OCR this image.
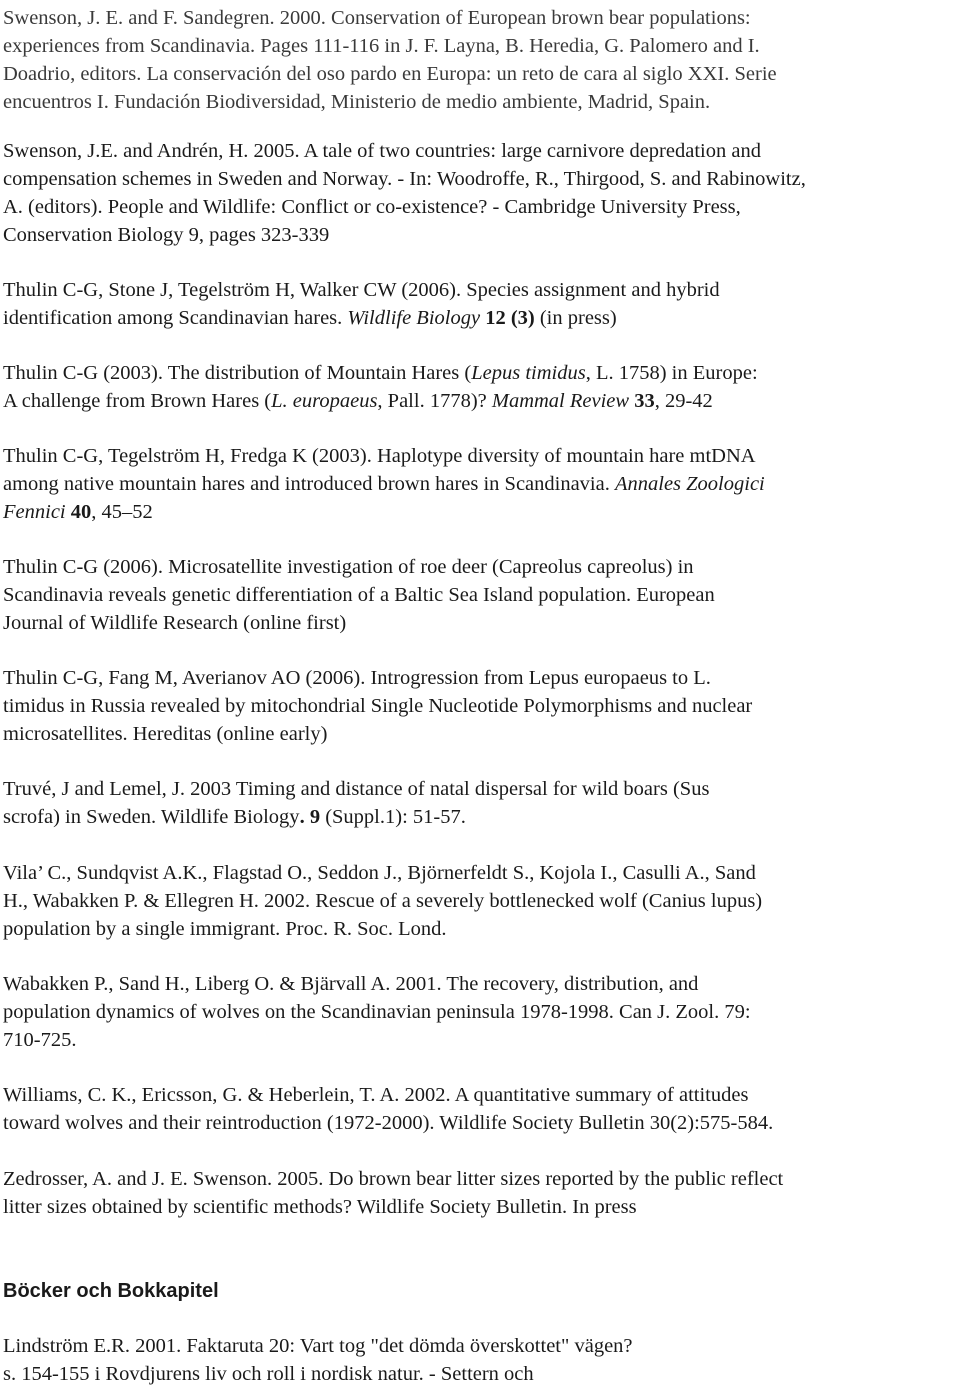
Swenson, J. E. and F. Sandegren. 2000. Conservation of European brown bear populations:
experiences from Scandinavia. Pages 111-116 in J. F. Layna, B. Heredia, G. Palomero and I.
Doadrio, editors. La conservación del oso pardo en Europa: un reto de cara al siglo XXI. Serie
encuentros I. Fundación Biodiversidad, Ministerio de medio ambiente, Madrid, Spain.
Swenson, J.E. and Andrén, H. 2005. A tale of two countries: large carnivore depredation and
compensation schemes in Sweden and Norway. - In: Woodroffe, R., Thirgood, S. and Rabinowitz,
A. (editors). People and Wildlife: Conflict or co-existence? - Cambridge University Press,
Conservation Biology 9, pages 323-339
Thulin C-G, Stone J, Tegelström H, Walker CW (2006). Species assignment and hybrid
identification among Scandinavian hares. Wildlife Biology 12 (3) (in press)
Thulin C-G (2003). The distribution of Mountain Hares (Lepus timidus, L. 1758) in Europe:
A challenge from Brown Hares (L. europaeus, Pall. 1778)? Mammal Review 33, 29-42
Thulin C-G, Tegelström H, Fredga K (2003). Haplotype diversity of mountain hare mtDNA
among native mountain hares and introduced brown hares in Scandinavia. Annales Zoologici
Fennici 40, 45–52
Thulin C-G (2006). Microsatellite investigation of roe deer (Capreolus capreolus) in
Scandinavia reveals genetic differentiation of a Baltic Sea Island population. European
Journal of Wildlife Research (online first)
Thulin C-G, Fang M, Averianov AO (2006). Introgression from Lepus europaeus to L.
timidus in Russia revealed by mitochondrial Single Nucleotide Polymorphisms and nuclear
microsatellites. Hereditas (online early)
Truvé, J and Lemel, J. 2003 Timing and distance of natal dispersal for wild boars (Sus
scrofa) in Sweden. Wildlife Biology. 9 (Suppl.1): 51-57.
Vila’ C., Sundqvist A.K., Flagstad O., Seddon J., Björnerfeldt S., Kojola I., Casulli A., Sand
H., Wabakken P. & Ellegren H. 2002. Rescue of a severely bottlenecked wolf (Canius lupus)
population by a single immigrant. Proc. R. Soc. Lond.
Wabakken P., Sand H., Liberg O. & Bjärvall A. 2001. The recovery, distribution, and
population dynamics of wolves on the Scandinavian peninsula 1978-1998. Can J. Zool. 79:
710-725.
Williams, C. K., Ericsson, G. & Heberlein, T. A. 2002. A quantitative summary of attitudes
toward wolves and their reintroduction (1972-2000). Wildlife Society Bulletin 30(2):575-584.
Zedrosser, A. and J. E. Swenson. 2005. Do brown bear litter sizes reported by the public reflect
litter sizes obtained by scientific methods? Wildlife Society Bulletin. In press
Böcker och Bokkapitel
Lindström E.R. 2001. Faktaruta 20: Vart tog "det dömda överskottet" vägen?
s. 154-155 i Rovdjurens liv och roll i nordisk natur. - Settern och
